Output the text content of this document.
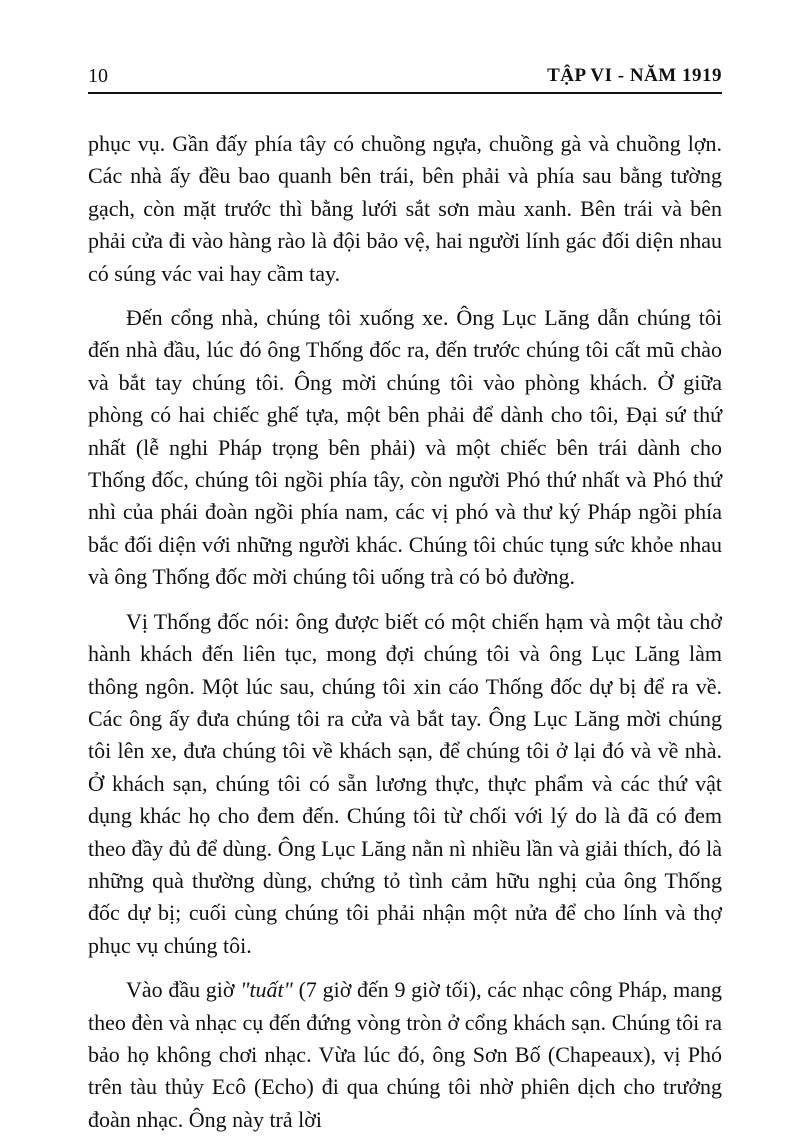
10	TẬP VI - NĂM 1919

phục vụ. Gần đấy phía tây có chuồng ngựa, chuồng gà và chuồng lợn. Các nhà ấy đều bao quanh bên trái, bên phải và phía sau bằng tường gạch, còn mặt trước thì bằng lưới sắt sơn màu xanh. Bên trái và bên phải cửa đi vào hàng rào là đội bảo vệ, hai người lính gác đối diện nhau có súng vác vai hay cầm tay.

Đến cổng nhà, chúng tôi xuống xe. Ông Lục Lăng dẫn chúng tôi đến nhà đầu, lúc đó ông Thống đốc ra, đến trước chúng tôi cất mũ chào và bắt tay chúng tôi. Ông mời chúng tôi vào phòng khách. Ở giữa phòng có hai chiếc ghế tựa, một bên phải để dành cho tôi, Đại sứ thứ nhất (lễ nghi Pháp trọng bên phải) và một chiếc bên trái dành cho Thống đốc, chúng tôi ngồi phía tây, còn người Phó thứ nhất và Phó thứ nhì của phái đoàn ngồi phía nam, các vị phó và thư ký Pháp ngồi phía bắc đối diện với những người khác. Chúng tôi chúc tụng sức khỏe nhau và ông Thống đốc mời chúng tôi uống trà có bỏ đường.

Vị Thống đốc nói: ông được biết có một chiến hạm và một tàu chở hành khách đến liên tục, mong đợi chúng tôi và ông Lục Lăng làm thông ngôn. Một lúc sau, chúng tôi xin cáo Thống đốc dự bị để ra về. Các ông ấy đưa chúng tôi ra cửa và bắt tay. Ông Lục Lăng mời chúng tôi lên xe, đưa chúng tôi về khách sạn, để chúng tôi ở lại đó và về nhà. Ở khách sạn, chúng tôi có sẵn lương thực, thực phẩm và các thứ vật dụng khác họ cho đem đến. Chúng tôi từ chối với lý do là đã có đem theo đầy đủ để dùng. Ông Lục Lăng nằn nì nhiều lần và giải thích, đó là những quà thường dùng, chứng tỏ tình cảm hữu nghị của ông Thống đốc dự bị; cuối cùng chúng tôi phải nhận một nửa để cho lính và thợ phục vụ chúng tôi.

Vào đầu giờ "tuất" (7 giờ đến 9 giờ tối), các nhạc công Pháp, mang theo đèn và nhạc cụ đến đứng vòng tròn ở cổng khách sạn. Chúng tôi ra bảo họ không chơi nhạc. Vừa lúc đó, ông Sơn Bố (Chapeaux), vị Phó trên tàu thủy Ecô (Echo) đi qua chúng tôi nhờ phiên dịch cho trưởng đoàn nhạc. Ông này trả lời
